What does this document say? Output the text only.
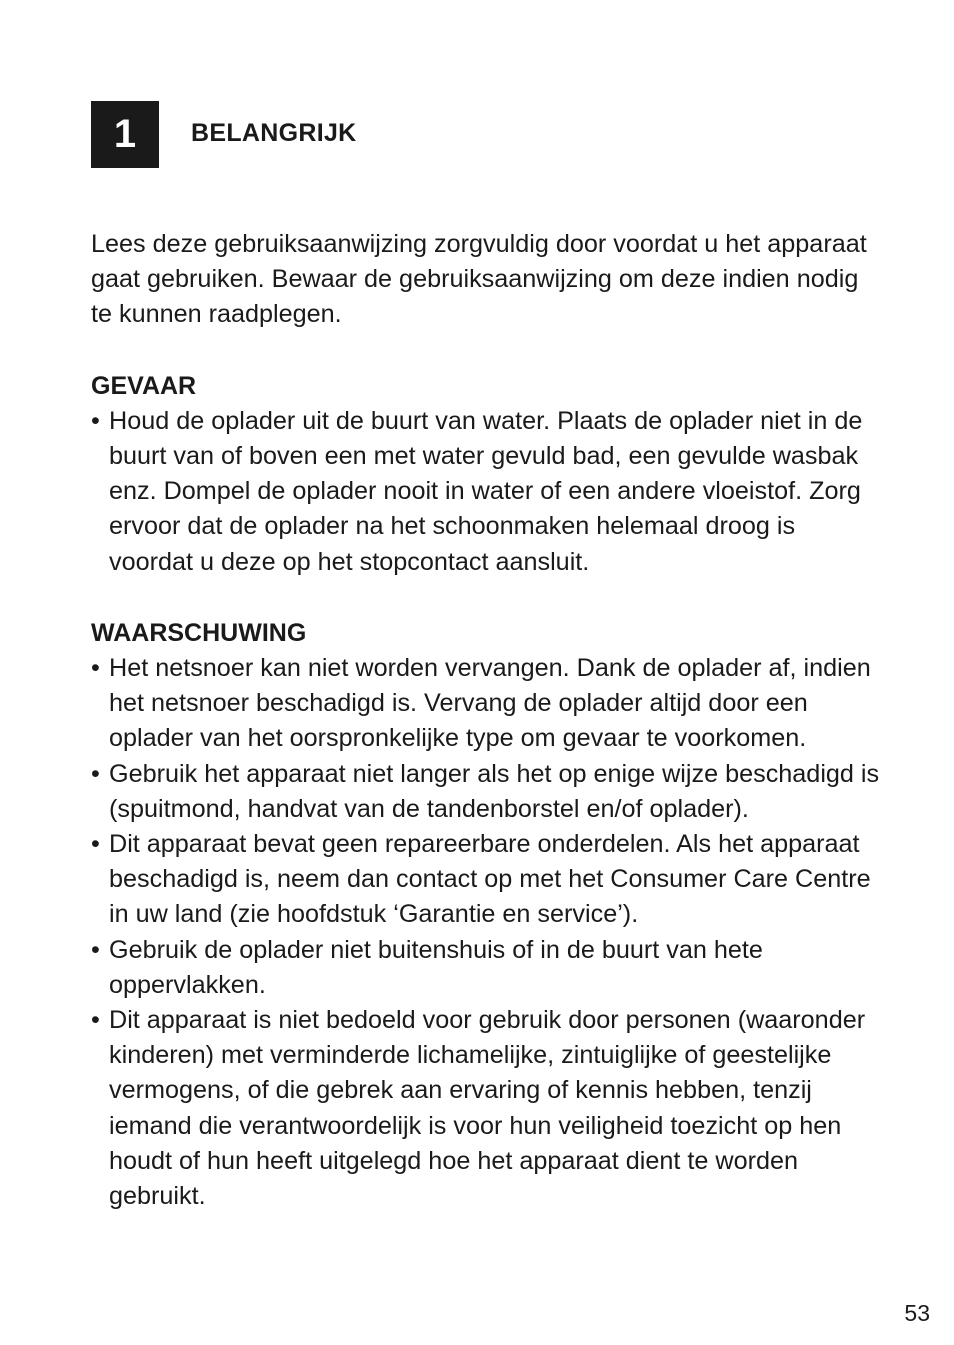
1 BELANGRIJK

Lees deze gebruiksaanwijzing zorgvuldig door voordat u het apparaat gaat gebruiken. Bewaar de gebruiksaanwijzing om deze indien nodig te kunnen raadplegen.

GEVAAR
• Houd de oplader uit de buurt van water. Plaats de oplader niet in de buurt van of boven een met water gevuld bad, een gevulde wasbak enz. Dompel de oplader nooit in water of een andere vloeistof. Zorg ervoor dat de oplader na het schoonmaken helemaal droog is voordat u deze op het stopcontact aansluit.
WAARSCHUWING
• Het netsnoer kan niet worden vervangen. Dank de oplader af, indien het netsnoer beschadigd is. Vervang de oplader altijd door een oplader van het oorspronkelijke type om gevaar te voorkomen.
• Gebruik het apparaat niet langer als het op enige wijze beschadigd is (spuitmond, handvat van de tandenborstel en/of oplader).
• Dit apparaat bevat geen repareerbare onderdelen. Als het apparaat beschadigd is, neem dan contact op met het Consumer Care Centre in uw land (zie hoofdstuk ‘Garantie en service’).
• Gebruik de oplader niet buitenshuis of in de buurt van hete oppervlakken.
• Dit apparaat is niet bedoeld voor gebruik door personen (waaronder kinderen) met verminderde lichamelijke, zintuiglijke of geestelijke vermogens, of die gebrek aan ervaring of kennis hebben, tenzij iemand die verantwoordelijk is voor hun veiligheid toezicht op hen houdt of hun heeft uitgelegd hoe het apparaat dient te worden gebruikt.
53
